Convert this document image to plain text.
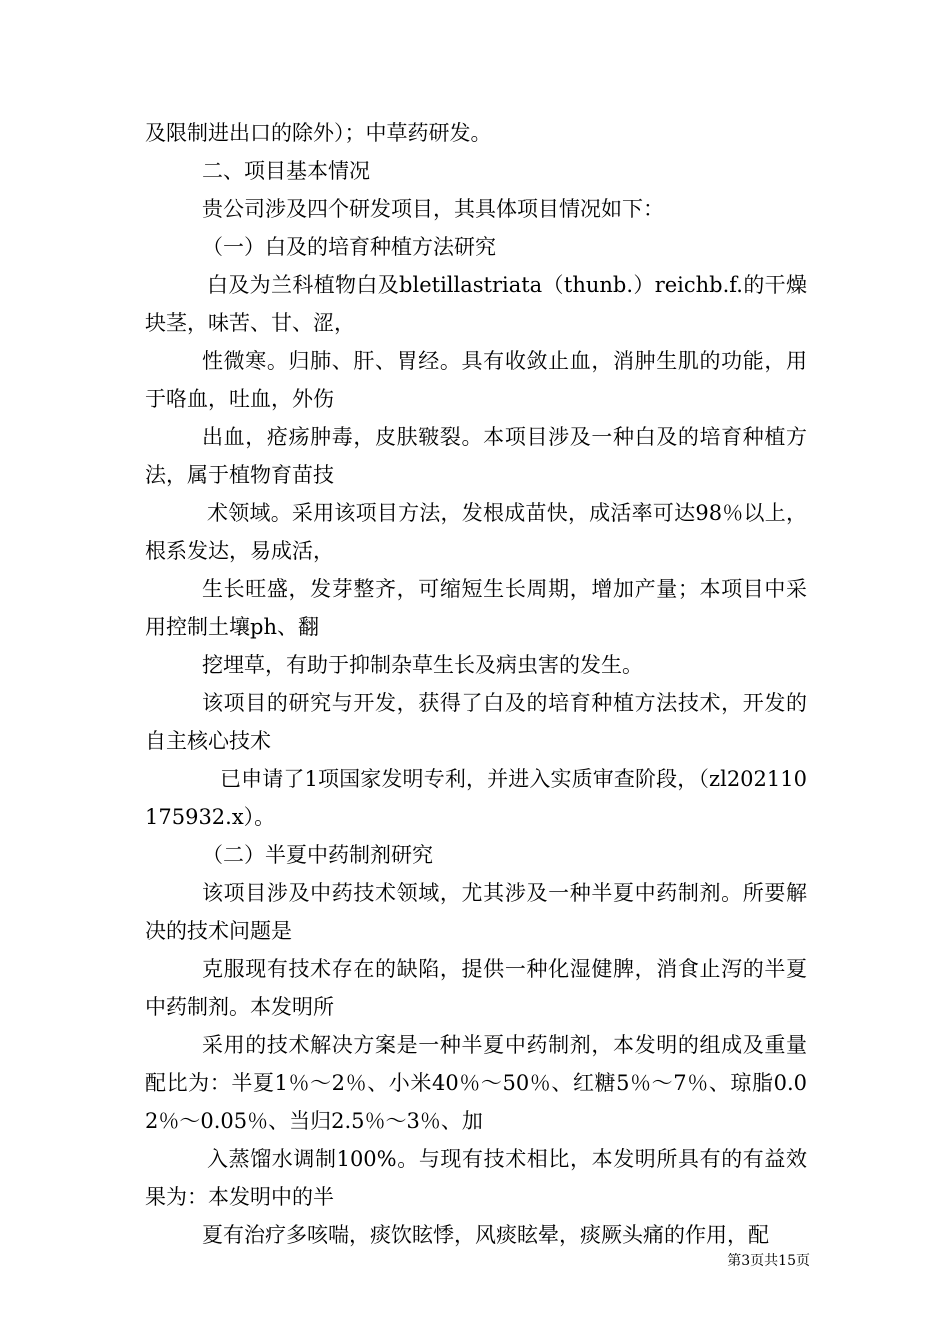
及限制进出口的除外）；中草药研发。

二、项目基本情况

贵公司涉及四个研发项目，其具体项目情况如下：

（一）白及的培育种植方法研究

白及为兰科植物白及bletillastriata（thunb.）reichb.f.的干燥块茎，味苦、甘、涩，

性微寒。归肺、肝、胃经。具有收敛止血，消肿生肌的功能，用于咯血，吐血，外伤

出血，疮疡肿毒，皮肤皲裂。本项目涉及一种白及的培育种植方法，属于植物育苗技

术领域。采用该项目方法，发根成苗快，成活率可达98％以上，根系发达，易成活，

生长旺盛，发芽整齐，可缩短生长周期，增加产量；本项目中采用控制土壤ph、翻

挖埋草，有助于抑制杂草生长及病虫害的发生。

该项目的研究与开发，获得了白及的培育种植方法技术，开发的自主核心技术

已申请了1项国家发明专利，并进入实质审查阶段，（zl202110175932.x）。

（二）半夏中药制剂研究

该项目涉及中药技术领域，尤其涉及一种半夏中药制剂。所要解决的技术问题是

克服现有技术存在的缺陷，提供一种化湿健脾，消食止泻的半夏中药制剂。本发明所

采用的技术解决方案是一种半夏中药制剂，本发明的组成及重量配比为：半夏1％～2％、小米40％～50％、红糖5％～7％、琼脂0.02％～0.05％、当归2.5％～3％、加

入蒸馏水调制100%。与现有技术相比，本发明所具有的有益效果为：本发明中的半

夏有治疗多咳喘，痰饮眩悸，风痰眩晕，痰厥头痛的作用，配

第3页共15页
